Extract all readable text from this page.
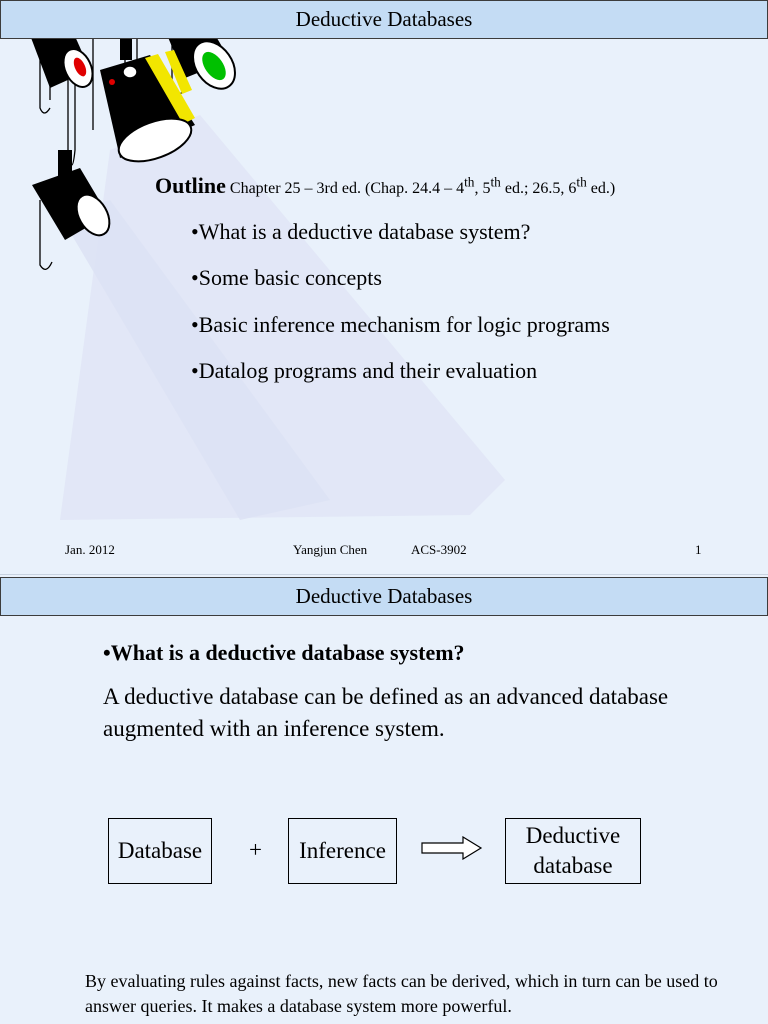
Deductive Databases
Outline Chapter 25 – 3rd ed. (Chap. 24.4 – 4th, 5th ed.; 26.5, 6th ed.)
•What is a deductive database system?
•Some basic concepts
•Basic inference mechanism for logic programs
•Datalog programs and their evaluation
Jan. 2012	Yangjun Chen	ACS-3902	1
Deductive Databases
•What is a deductive database system?
A deductive database can be defined as an advanced database augmented with an inference system.
Database + Inference
Deductive
database
By evaluating rules against facts, new facts can be derived, which in turn can be used to answer queries. It makes a database system more powerful.
